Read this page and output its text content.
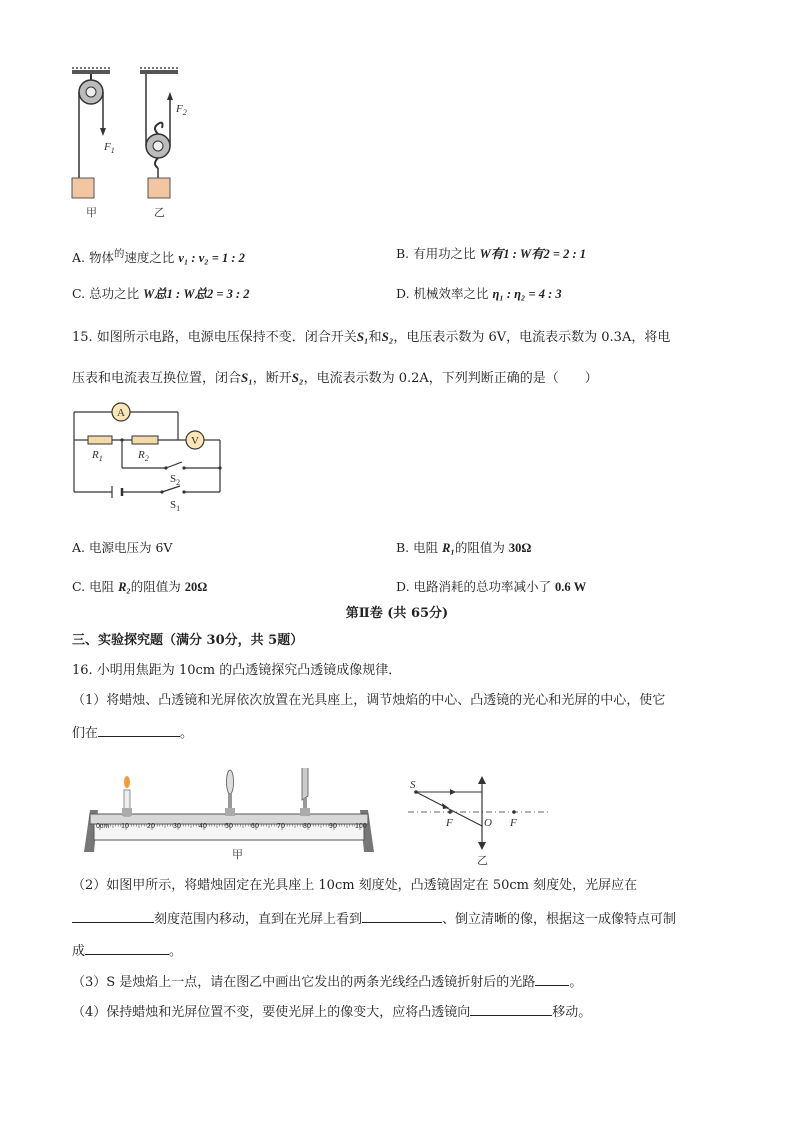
$F_1$
甲
$F_2$
乙
A. 物体$^的$速度之比 v₁ : v₂ = 1 : 2	B. 有用功之比 W有1 : W有2 = 2 : 1
C. 总功之比 W总1 : W总2 = 3 : 2	D. 机械效率之比 η₁ : η₂ = 4 : 3
15. 如图所示电路，电源电压保持不变．闭合开关S₁和S₂，电压表示数为 6V，电流表示数为 0.3A，将电
压表和电流表互换位置，闭合S₁，断开S₂，电流表示数为 0.2A，下列判断正确的是（　　）
A
V
$R_1$	$R_2$
$S_2$
$S_1$
A. 电源电压为 6V	B. 电阻 R₁的阻值为 30Ω
C. 电阻 R₂的阻值为 20Ω	D. 电路消耗的总功率减小了 0.6 W
第Ⅱ卷 (共 65分)
三、实验探究题（满分 30分，共 5题）
16. 小明用焦距为 10cm 的凸透镜探究凸透镜成像规律．
（1）将蜡烛、凸透镜和光屏依次放置在光具座上，调节烛焰的中心、凸透镜的光心和光屏的中心，使它
们在	。
甲
0cm 10	20	30	40	50	60	70	80	90	100
S
F	O F
乙
（2）如图甲所示，将蜡烛固定在光具座上 10cm 刻度处，凸透镜固定在 50cm 刻度处，光屏应在
刻度范围内移动，直到在光屏上看到	、倒立清晰的像，根据这一成像特点可制
成	。
（3）S 是烛焰上一点，请在图乙中画出它发出的两条光线经凸透镜折射后的光路	。
（4）保持蜡烛和光屏位置不变，要使光屏上的像变大，应将凸透镜向	移动。
